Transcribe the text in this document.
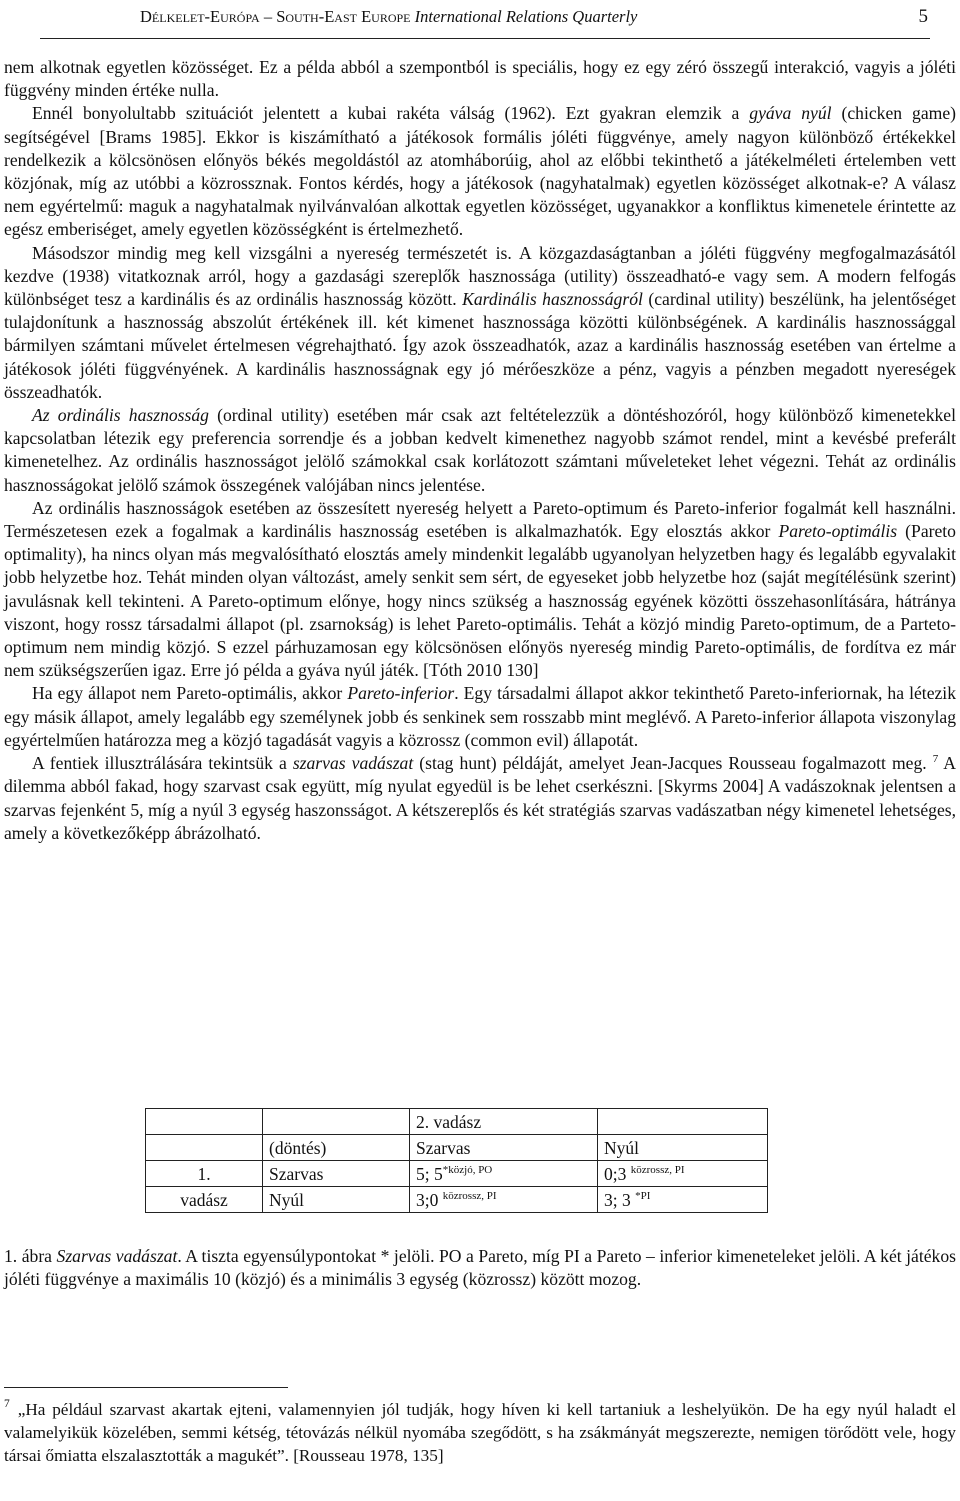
Délkelet-Európa – South-East Europe International Relations Quarterly	5

nem alkotnak egyetlen közösséget. Ez a példa abból a szempontból is speciális, hogy ez egy zéró összegű interakció, vagyis a jóléti függvény minden értéke nulla.

Ennél bonyolultabb szituációt jelentett a kubai rakéta válság (1962). Ezt gyakran elemzik a gyáva nyúl (chicken game) segítségével [Brams 1985]. Ekkor is kiszámítható a játékosok formális jóléti függvénye, amely nagyon különböző értékekkel rendelkezik a kölcsönösen előnyös békés megoldástól az atomháborúig, ahol az előbbi tekinthető a játékelméleti értelemben vett közjónak, míg az utóbbi a közrossznak. Fontos kérdés, hogy a játékosok (nagyhatalmak) egyetlen közösséget alkotnak-e? A válasz nem egyértelmű: maguk a nagyhatalmak nyilvánvalóan alkottak egyetlen közösséget, ugyanakkor a konfliktus kimenetele érintette az egész emberiséget, amely egyetlen közösségként is értelmezhető.

Másodszor mindig meg kell vizsgálni a nyereség természetét is. A közgazdaságtanban a jóléti függvény megfogalmazásától kezdve (1938) vitatkoznak arról, hogy a gazdasági szereplők hasznossága (utility) összeadható-e vagy sem. A modern felfogás különbséget tesz a kardinális és az ordinális hasznosság között. Kardinális hasznosságról (cardinal utility) beszélünk, ha jelentőséget tulajdonítunk a hasznosság abszolút értékének ill. két kimenet hasznossága közötti különbségének. A kardinális hasznossággal bármilyen számtani művelet értelmesen végrehajtható. Így azok összeadhatók, azaz a kardinális hasznosság esetében van értelme a játékosok jóléti függvényének. A kardinális hasznosságnak egy jó mérőeszköze a pénz, vagyis a pénzben megadott nyereségek összeadhatók.

Az ordinális hasznosság (ordinal utility) esetében már csak azt feltételezzük a döntéshozóról, hogy különböző kimenetekkel kapcsolatban létezik egy preferencia sorrendje és a jobban kedvelt kimenethez nagyobb számot rendel, mint a kevésbé preferált kimenetelhez. Az ordinális hasznosságot jelölő számokkal csak korlátozott számtani műveleteket lehet végezni. Tehát az ordinális hasznosságokat jelölő számok összegének valójában nincs jelentése.

Az ordinális hasznosságok esetében az összesített nyereség helyett a Pareto-optimum és Pareto-inferior fogalmát kell használni. Természetesen ezek a fogalmak a kardinális hasznosság esetében is alkalmazhatók. Egy elosztás akkor Pareto-optimális (Pareto optimality), ha nincs olyan más megvalósítható elosztás amely mindenkit legalább ugyanolyan helyzetben hagy és legalább egyvalakit jobb helyzetbe hoz. Tehát minden olyan változást, amely senkit sem sért, de egyeseket jobb helyzetbe hoz (saját megítélésünk szerint) javulásnak kell tekinteni. A Pareto-optimum előnye, hogy nincs szükség a hasznosság egyének közötti összehasonlítására, hátránya viszont, hogy rossz társadalmi állapot (pl. zsarnokság) is lehet Pareto-optimális. Tehát a közjó mindig Pareto-optimum, de a Parteto-optimum nem mindig közjó. S ezzel párhuzamosan egy kölcsönösen előnyös nyereség mindig Pareto-optimális, de fordítva ez már nem szükségszerűen igaz. Erre jó példa a gyáva nyúl játék. [Tóth 2010 130]

Ha egy állapot nem Pareto-optimális, akkor Pareto-inferior. Egy társadalmi állapot akkor tekinthető Pareto-inferiornak, ha létezik egy másik állapot, amely legalább egy személynek jobb és senkinek sem rosszabb mint meglévő. A Pareto-inferior állapota viszonylag egyértelműen határozza meg a közjó tagadását vagyis a közrossz (common evil) állapotát.

A fentiek illusztrálására tekintsük a szarvas vadászat (stag hunt) példáját, amelyet Jean-Jacques Rousseau fogalmazott meg. $^7$ A dilemma abból fakad, hogy szarvast csak együtt, míg nyulat egyedül is be lehet cserkészni. [Skyrms 2004] A vadászoknak jelentsen a szarvas fejenként 5, míg a nyúl 3 egység haszonsságot. A kétszereplős és két stratégiás szarvas vadászatban négy kimenetel lehetséges, amely a következőképp ábrázolható.

		2. vadász	
	(döntés)	Szarvas	Nyúl
1.	Szarvas	5; $5^{*közjó, PO}$	0;3 $^{közrossz, PI}$
vadász	Nyúl	3;0 $^{közrossz, PI}$	3; 3 $^{*PI}$
1. ábra Szarvas vadászat. A tiszta egyensúlypontokat * jelöli. PO a Pareto, míg PI a Pareto – inferior kimeneteleket jelöli. A két játékos jóléti függvénye a maximális 10 (közjó) és a minimális 3 egység (közrossz) között mozog.
$^7$ „Ha például szarvast akartak ejteni, valamennyien jól tudják, hogy híven ki kell tartaniuk a leshelyükön. De ha egy nyúl haladt el valamelyikük közelében, semmi kétség, tétovázás nélkül nyomába szegődött, s ha zsákmányát megszerezte, nemigen törődött vele, hogy társai őmiatta elszalasztották a magukét”. [Rousseau 1978, 135]
